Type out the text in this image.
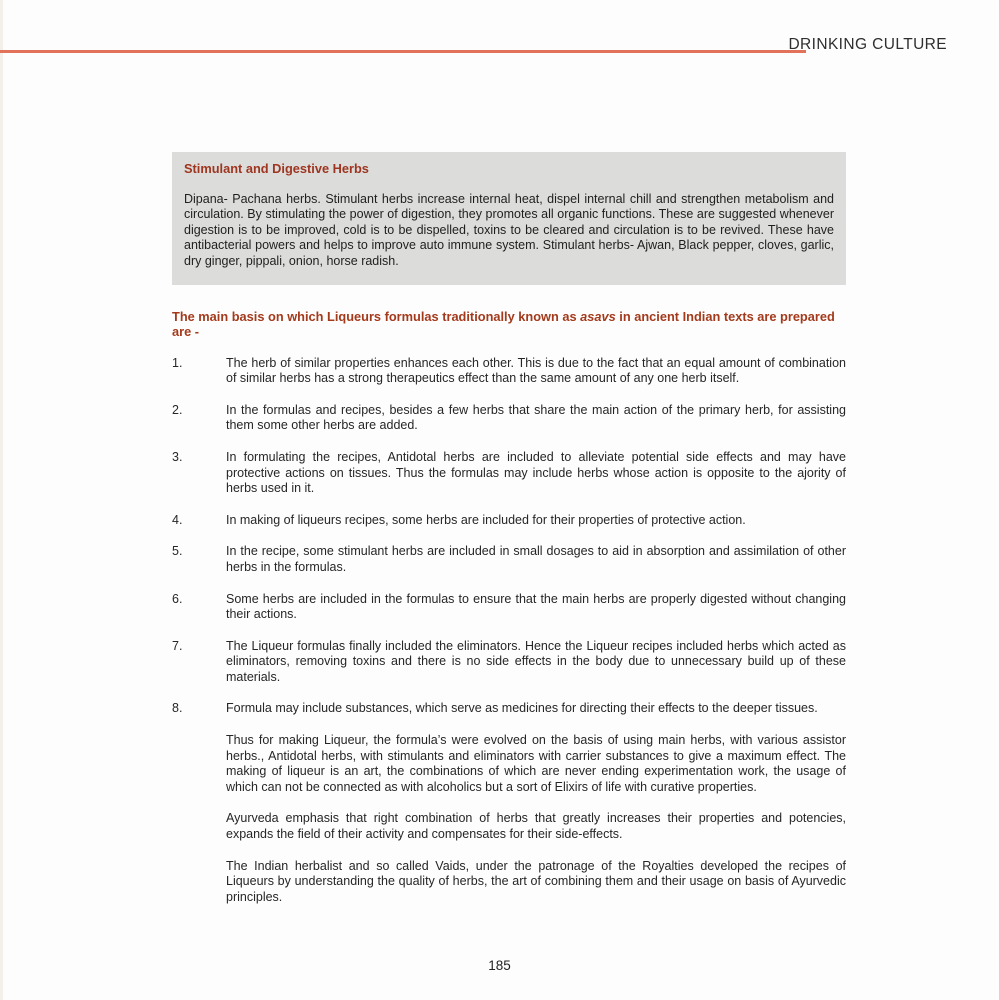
DRINKING CULTURE
Stimulant and Digestive Herbs
Dipana- Pachana herbs. Stimulant herbs increase internal heat, dispel internal chill and strengthen metabolism and circulation. By stimulating the power of digestion, they promotes all organic functions. These are suggested whenever digestion is to be improved, cold is to be dispelled, toxins to be cleared and circulation is to be revived. These have antibacterial powers and helps to improve auto immune system. Stimulant herbs- Ajwan, Black pepper, cloves, garlic, dry ginger, pippali, onion, horse radish.
The main basis on which Liqueurs formulas traditionally known as asavs in ancient Indian texts are prepared are -
1.	The herb of similar properties enhances each other. This is due to the fact that an equal amount of combination of similar herbs has a strong therapeutics effect than the same amount of any one herb itself.
2.	In the formulas and recipes, besides a few herbs that share the main action of the primary herb, for assisting them some other herbs are added.
3.	In formulating the recipes, Antidotal herbs are included to alleviate potential side effects and may have protective actions on tissues. Thus the formulas may include herbs whose action is opposite to the ajority of herbs used in it.
4.	In making of liqueurs recipes, some herbs are included for their properties of protective action.
5.	In the recipe, some stimulant herbs are included in small dosages to aid in absorption and assimilation of other herbs in the formulas.
6.	Some herbs are included in the formulas to ensure that the main herbs are properly digested without changing their actions.
7.	The Liqueur formulas finally included the eliminators. Hence the Liqueur recipes included herbs which acted as eliminators, removing toxins and there is no side effects in the body due to unnecessary build up of these materials.
8.	Formula may include substances, which serve as medicines for directing their effects to the deeper tissues.
Thus for making Liqueur, the formula’s were evolved on the basis of using main herbs, with various assistor herbs., Antidotal herbs, with stimulants and eliminators with carrier substances to give a maximum effect. The making of liqueur is an art, the combinations of which are never ending experimentation work, the usage of which can not be connected as with alcoholics but a sort of Elixirs of life with curative properties.
Ayurveda emphasis that right combination of herbs that greatly increases their properties and potencies, expands the field of their activity and compensates for their side-effects.
The Indian herbalist and so called Vaids, under the patronage of the Royalties developed the recipes of Liqueurs by understanding the quality of herbs, the art of combining them and their usage on basis of Ayurvedic principles.
185
